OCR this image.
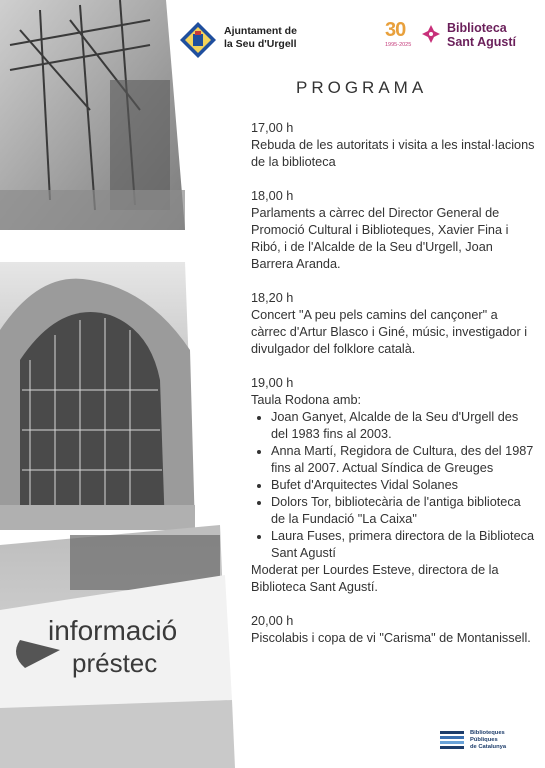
informació
préstec
Ajuntament de
la Seu d'Urgell
30
1995-2025
Biblioteca
Sant Agustí
PROGRAMA
17,00 h

Rebuda de les autoritats i visita a les instal·lacions de la biblioteca

18,00 h

Parlaments a càrrec del Director General de Promoció Cultural i Biblioteques, Xavier Fina i Ribó, i de l'Alcalde de la Seu d'Urgell, Joan Barrera Aranda.

18,20 h

Concert "A peu pels camins del cançoner" a càrrec d'Artur Blasco i Giné, músic, investigador i divulgador del folklore català.

19,00 h

Taula Rodona amb:

• Joan Ganyet, Alcalde de la Seu d'Urgell des del 1983 fins al 2003.
• Anna Martí, Regidora de Cultura, des del 1987 fins al 2007. Actual Síndica de Greuges
• Bufet d'Arquitectes Vidal Solanes
• Dolors Tor, bibliotecària de l'antiga biblioteca de la Fundació "La Caixa"
• Laura Fuses, primera directora de la Biblioteca Sant Agustí

Moderat per Lourdes Esteve, directora de la Biblioteca Sant Agustí.

20,00 h

Piscolabis i copa de vi "Carisma" de Montanissell.

Biblioteques
Públiques
de Catalunya
